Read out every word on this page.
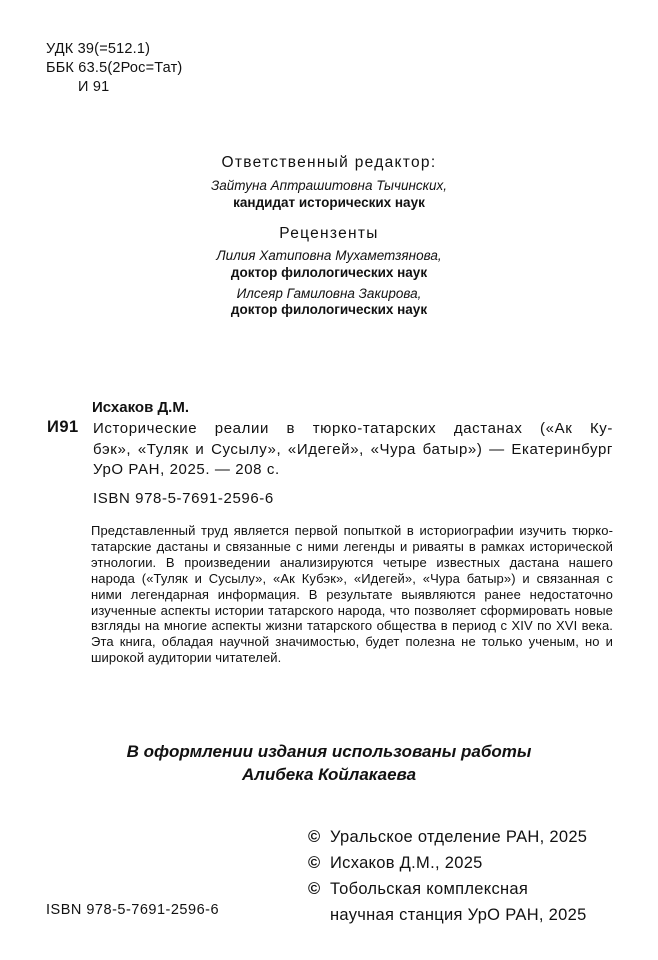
УДК 39(=512.1)
ББК 63.5(2Рос=Тат)
И 91
Ответственный редактор:
Зайтуна Аптрашитовна Тычинских,
кандидат исторических наук
Рецензенты
Лилия Хатиповна Мухаметзянова,
доктор филологических наук
Илсеяр Гамиловна Закирова,
доктор филологических наук
Исхаков Д.М.
И91 Исторические реалии в тюрко-татарских дастанах («Ак Ку-
бэк», «Туляк и Сусылу», «Идегей», «Чура батыр») — Екатеринбург
УрО РАН, 2025. — 208 с.
ISBN 978-5-7691-2596-6

Представленный труд является первой попыткой в историографии изучить тюрко-татарские дастаны и связанные с ними легенды и риваяты в рамках исторической этнологии. В произведении анализируются четыре известных дастана нашего народа («Туляк и Сусылу», «Ак Кубэк», «Идегей», «Чура батыр») и связанная с ними легендарная информация. В результате выявляются ранее недостаточно изученные аспекты истории татарского народа, что позволяет сформировать новые взгляды на многие аспекты жизни татарского общества в период с XIV по XVI века. Эта книга, обладая научной значимостью, будет полезна не только ученым, но и широкой аудитории читателей.

В оформлении издания использованы работы
Алибека Койлакаева
© Уральское отделение РАН, 2025
© Исхаков Д.М., 2025
© Тобольская комплексная
научная станция УрО РАН, 2025
ISBN 978-5-7691-2596-6
